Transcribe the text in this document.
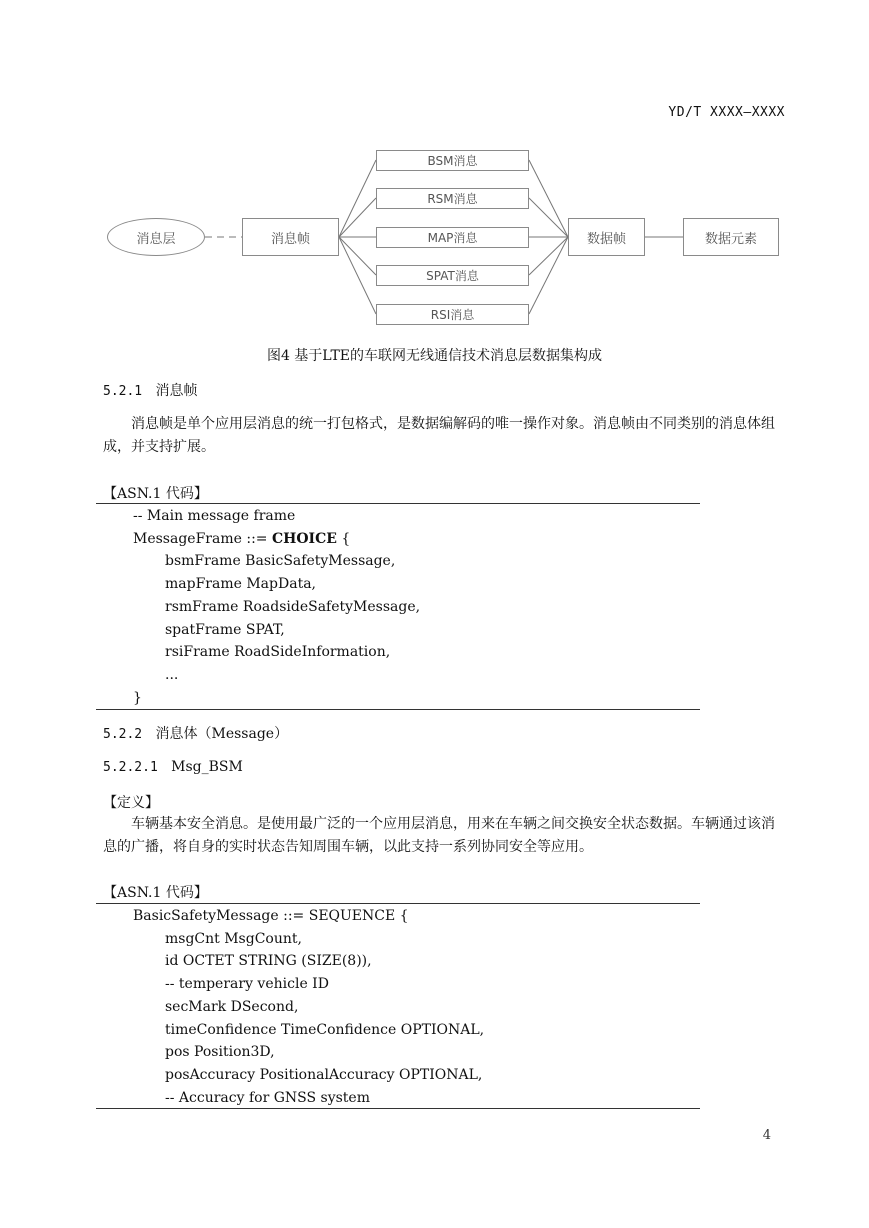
YD/T XXXX—XXXX
消息层	消息帧
BSM消息
RSM消息
MAP消息
SPAT消息
RSI消息
数据帧	数据元素
图4 基于LTE的车联网无线通信技术消息层数据集构成
5.2.1 消息帧
消息帧是单个应用层消息的统一打包格式，是数据编解码的唯一操作对象。消息帧由不同类别的消息体组成，并支持扩展。
【ASN.1 代码】
-- Main message frame
MessageFrame ::= CHOICE {
bsmFrame BasicSafetyMessage,
mapFrame MapData,
rsmFrame RoadsideSafetyMessage,
spatFrame SPAT,
rsiFrame RoadSideInformation,
...
}
5.2.2 消息体（Message）
5.2.2.1 Msg_BSM
【定义】
车辆基本安全消息。是使用最广泛的一个应用层消息，用来在车辆之间交换安全状态数据。车辆通过该消息的广播，将自身的实时状态告知周围车辆，以此支持一系列协同安全等应用。
【ASN.1 代码】
BasicSafetyMessage ::= SEQUENCE {
msgCnt MsgCount,
id OCTET STRING (SIZE(8)),
-- temperary vehicle ID
secMark DSecond,
timeConfidence TimeConfidence OPTIONAL,
pos Position3D,
posAccuracy PositionalAccuracy OPTIONAL,
-- Accuracy for GNSS system
4
